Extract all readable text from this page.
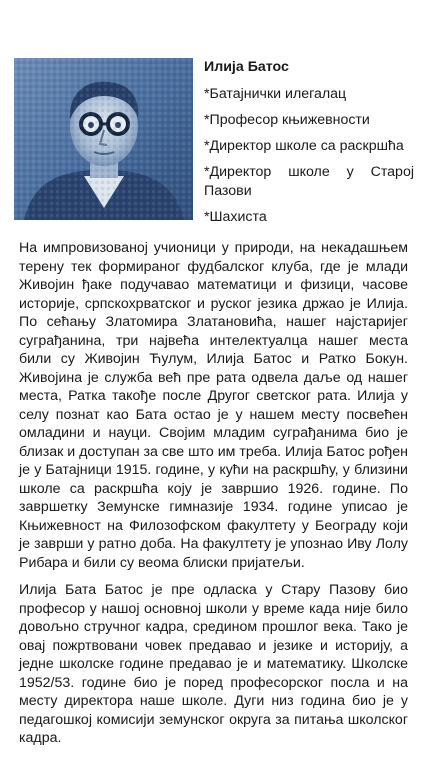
Илија Батос
*Батајнички илегалац
*Професор књижевности
*Директор школе са раскршћа
*Директор школе у Старој Пазови
*Шахиста

На импровизованој учионици у природи, на некадашњем терену тек формираног фудбалског клуба, где је млади Живојин ђаке подучавао математици и физици, часове историје, српскохрватског и руског језика држао је Илија. По сећању Златомира Златановића, нашег најстаријег суграђанина, три највећа интелектуалца нашег места били су Живојин Ћулум, Илија Батос и Ратко Бокун. Живојина је служба већ пре рата одвела даље од нашег места, Ратка такође после Другог светског рата. Илија у селу познат као Бата остао је у нашем месту посвећен омладини и науци. Својим младим суграђанима био је близак и доступан за све што им треба. Илија Батос рођен је у Батајници 1915. године, у кући на раскршћу, у близини школе са раскршћа коју је завршио 1926. године. По завршетку Земунске гимназије 1934. године уписао је Књижевност на Филозофском факултету у Београду који је заврши у ратно доба. На факултету је упознао Иву Лолу Рибара и били су веома блиски пријатељи.

Илија Бата Батос је пре одласка у Стару Пазову био професор у нашој основној школи у време када није било довољно стручног кадра, средином прошлог века. Тако је овај пожртвовани човек предавао и језике и историју, а једне школске године предавао је и математику. Школске 1952/53. године био је поред професорског посла и на месту директора наше школе. Дуги низ година био је у педагошкој комисији земунског округа за питања школског кадра.
